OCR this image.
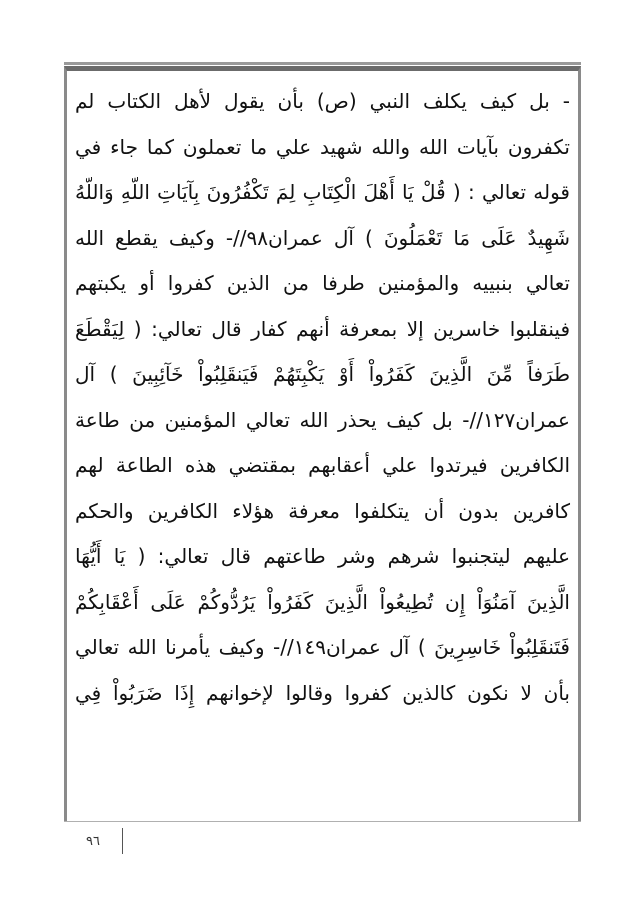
- بل كيف يكلف النبي (ص) بأن يقول لأهل الكتاب لم
تكفرون بآيات الله والله شهيد علي ما تعملون كما جاء في
قوله تعالي : ( قُلْ يَا أَهْلَ الْكِتَابِ لِمَ تَكْفُرُونَ بِآيَاتِ اللّهِ وَاللّهُ
شَهِيدٌ عَلَى مَا تَعْمَلُونَ ) آل عمران٩٨//- وكيف يقطع الله
تعالي بنبييه والمؤمنين طرفا من الذين كفروا أو يكبتهم
فينقلبوا خاسرين إلا بمعرفة أنهم كفار قال تعالي: ( لِيَقْطَعَ
طَرَفاً مِّنَ الَّذِينَ كَفَرُواْ أَوْ يَكْبِتَهُمْ فَيَنقَلِبُواْ خَآئِبِينَ ) آل
عمران١٢٧//- بل كيف يحذر الله تعالي المؤمنين من طاعة
الكافرين فيرتدوا علي أعقابهم بمقتضي هذه الطاعة لهم
كافرين بدون أن يتكلفوا معرفة هؤلاء الكافرين والحكم
عليهم ليتجنبوا شرهم وشر طاعتهم قال تعالي: ( يَا أَيُّهَا
الَّذِينَ آمَنُوَاْ إِن تُطِيعُواْ الَّذِينَ كَفَرُواْ يَرُدُّوكُمْ عَلَى أَعْقَابِكُمْ
فَتَنقَلِبُواْ خَاسِرِينَ ) آل عمران١٤٩//- وكيف يأمرنا الله تعالي
بأن لا نكون كالذين كفروا وقالوا لإخوانهم إِذَا ضَرَبُواْ فِي
٩٦
